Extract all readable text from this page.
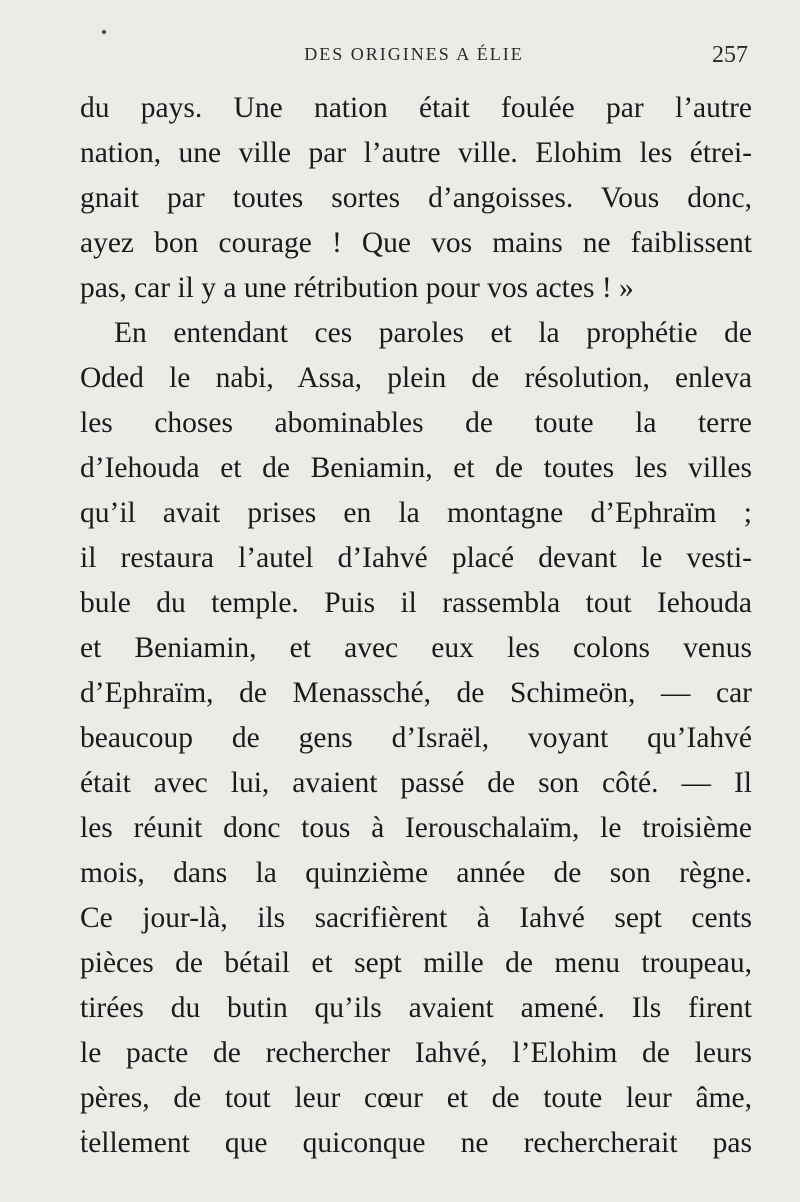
DES ORIGINES A ÉLIE	257
du pays. Une nation était foulée par l’autre
nation, une ville par l’autre ville. Elohim les étrei-
gnait par toutes sortes d’angoisses. Vous donc,
ayez bon courage ! Que vos mains ne faiblissent
pas, car il y a une rétribution pour vos actes ! »
En entendant ces paroles et la prophétie de
Oded le nabi, Assa, plein de résolution, enleva
les choses abominables de toute la terre
d’Iehouda et de Beniamin, et de toutes les villes
qu’il avait prises en la montagne d’Ephraïm ;
il restaura l’autel d’Iahvé placé devant le vesti-
bule du temple. Puis il rassembla tout Iehouda
et Beniamin, et avec eux les colons venus
d’Ephraïm, de Menassché, de Schimeön, — car
beaucoup de gens d’Israël, voyant qu’Iahvé
était avec lui, avaient passé de son côté. — Il
les réunit donc tous à Ierouschalaïm, le troisième
mois, dans la quinzième année de son règne.
Ce jour-là, ils sacrifièrent à Iahvé sept cents
pièces de bétail et sept mille de menu troupeau,
tirées du butin qu’ils avaient amené. Ils firent
le pacte de rechercher Iahvé, l’Elohim de leurs
pères, de tout leur cœur et de toute leur âme,
tellement que quiconque ne rechercherait pas
